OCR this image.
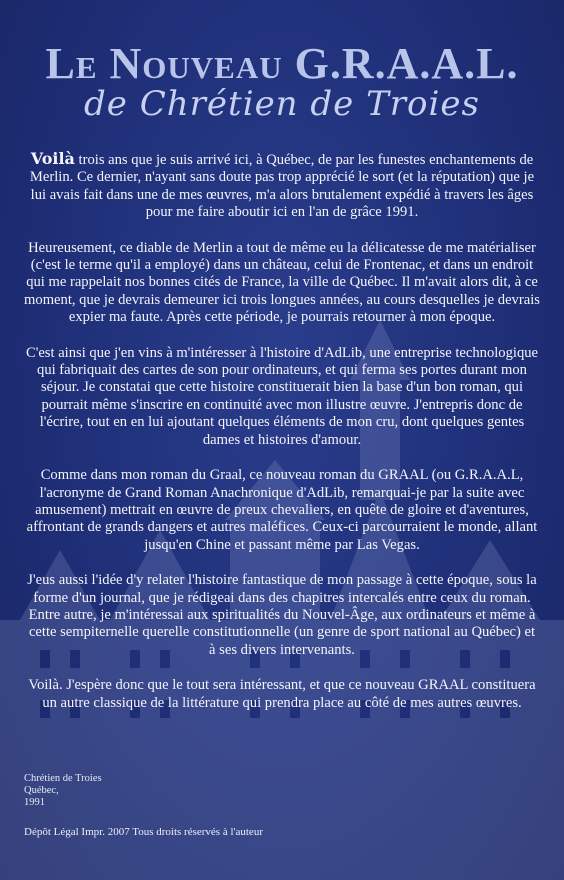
Le Nouveau G.R.A.A.L.
de Chrétien de Troies

Voilà trois ans que je suis arrivé ici, à Québec, de par les funestes enchantements de Merlin. Ce dernier, n'ayant sans doute pas trop apprécié le sort (et la réputation) que je lui avais fait dans une de mes œuvres, m'a alors brutalement expédié à travers les âges pour me faire aboutir ici en l'an de grâce 1991.

Heureusement, ce diable de Merlin a tout de même eu la délicatesse de me matérialiser (c'est le terme qu'il a employé) dans un château, celui de Frontenac, et dans un endroit qui me rappelait nos bonnes cités de France, la ville de Québec. Il m'avait alors dit, à ce moment, que je devrais demeurer ici trois longues années, au cours desquelles je devrais expier ma faute. Après cette période, je pourrais retourner à mon époque.

C'est ainsi que j'en vins à m'intéresser à l'histoire d'AdLib, une entreprise technologique qui fabriquait des cartes de son pour ordinateurs, et qui ferma ses portes durant mon séjour. Je constatai que cette histoire constituerait bien la base d'un bon roman, qui pourrait même s'inscrire en continuité avec mon illustre œuvre. J'entrepris donc de l'écrire, tout en en lui ajoutant quelques éléments de mon cru, dont quelques gentes dames et histoires d'amour.

Comme dans mon roman du Graal, ce nouveau roman du GRAAL (ou G.R.A.A.L, l'acronyme de Grand Roman Anachronique d'AdLib, remarquai-je par la suite avec amusement) mettrait en œuvre de preux chevaliers, en quête de gloire et d'aventures, affrontant de grands dangers et autres maléfices. Ceux-ci parcourraient le monde, allant jusqu'en Chine et passant même par Las Vegas.

J'eus aussi l'idée d'y relater l'histoire fantastique de mon passage à cette époque, sous la forme d'un journal, que je rédigeai dans des chapitres intercalés entre ceux du roman. Entre autre, je m'intéressai aux spiritualités du Nouvel-Âge, aux ordinateurs et même à cette sempiternelle querelle constitutionnelle (un genre de sport national au Québec) et à ses divers intervenants.

Voilà. J'espère donc que le tout sera intéressant, et que ce nouveau GRAAL constituera un autre classique de la littérature qui prendra place au côté de mes autres œuvres.

Chrétien de Troies
Québec,
1991
Dépôt Légal Impr. 2007 Tous droits réservés à l'auteur
